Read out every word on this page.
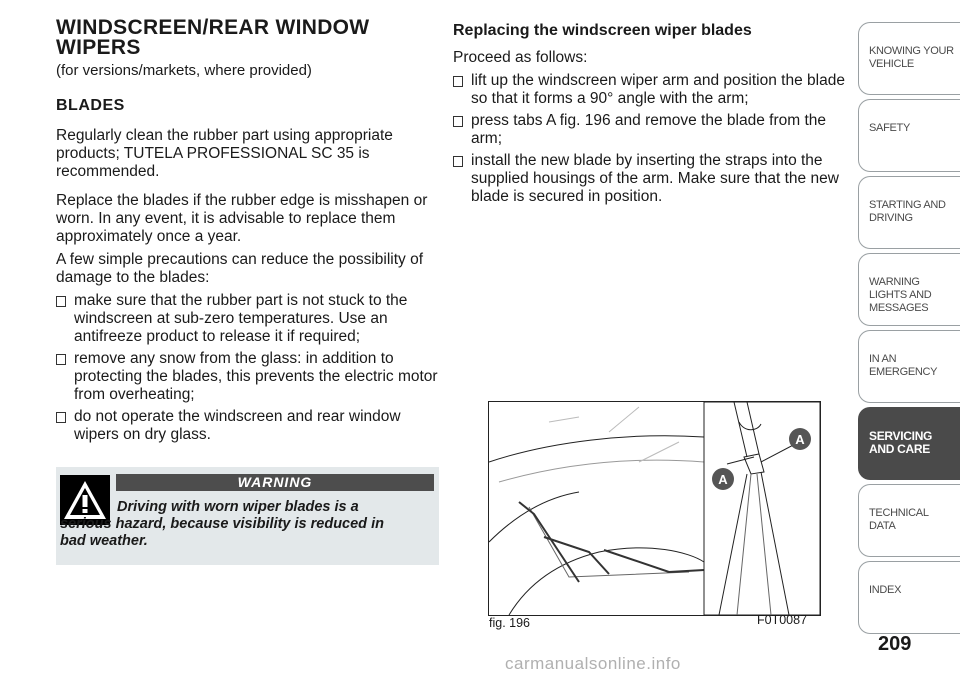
WINDSCREEN/REAR WINDOW WIPERS
(for versions/markets, where provided)
BLADES
Regularly clean the rubber part using appropriate products; TUTELA PROFESSIONAL SC 35 is recommended.
Replace the blades if the rubber edge is misshapen or worn. In any event, it is advisable to replace them approximately once a year.
A few simple precautions can reduce the possibility of damage to the blades:
make sure that the rubber part is not stuck to the windscreen at sub-zero temperatures. Use an antifreeze product to release it if required;
remove any snow from the glass: in addition to protecting the blades, this prevents the electric motor from overheating;
do not operate the windscreen and rear window wipers on dry glass.
WARNING
Driving with worn wiper blades is a serious hazard, because visibility is reduced in bad weather.
Replacing the windscreen wiper blades
Proceed as follows:
lift up the windscreen wiper arm and position the blade so that it forms a 90° angle with the arm;
press tabs A fig. 196 and remove the blade from the arm;
install the new blade by inserting the straps into the supplied housings of the arm. Make sure that the new blade is secured in position.
A
A
fig. 196	F0T0087
KNOWING YOUR VEHICLE
SAFETY
STARTING AND DRIVING
WARNING LIGHTS AND MESSAGES
IN AN EMERGENCY
SERVICING AND CARE
TECHNICAL DATA
INDEX
209
carmanualsonline.info
